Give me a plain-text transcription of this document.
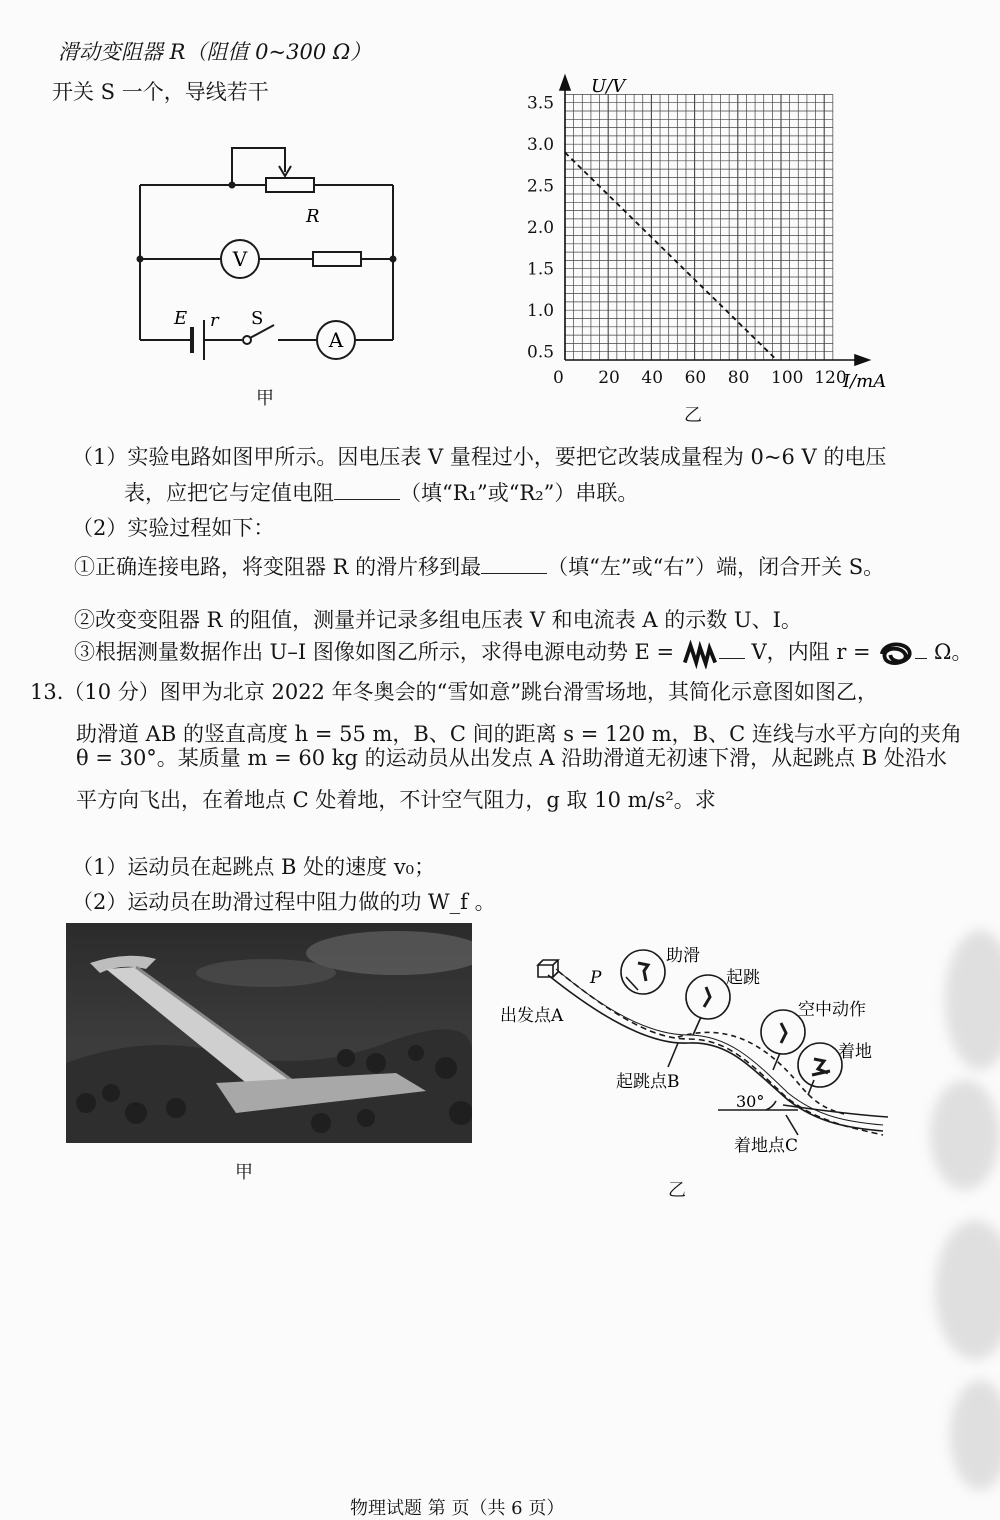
滑动变阻器 R（阻值 0~300 Ω）
开关 S 一个，导线若干
R
V
A
E r S
甲
0 20 40 60 80 100 120
0.5
1.0
1.5
2.0
2.5
3.0
3.5
U/V
I/mA
乙
（1）实验电路如图甲所示。因电压表 V 量程过小，要把它改装成量程为 0~6 V 的电压
表，应把它与定值电阻	（填“R₁”或“R₂”）串联。
（2）实验过程如下：
①正确连接电路，将变阻器 R 的滑片移到最	（填“左”或“右”）端，闭合开关 S。
②改变变阻器 R 的阻值，测量并记录多组电压表 V 和电流表 A 的示数 U、I。
③根据测量数据作出 U–I 图像如图乙所示，求得电源电动势 E =	V，内阻 r =	Ω。
13.（10 分）图甲为北京 2022 年冬奥会的“雪如意”跳台滑雪场地，其简化示意图如图乙，
助滑道 AB 的竖直高度 h = 55 m，B、C 间的距离 s = 120 m，B、C 连线与水平方向的夹角
θ = 30°。某质量 m = 60 kg 的运动员从出发点 A 沿助滑道无初速下滑，从起跳点 B 处沿水
平方向飞出，在着地点 C 处着地，不计空气阻力，g 取 10 m/s²。求
（1）运动员在起跳点 B 处的速度 v₀；
（2）运动员在助滑过程中阻力做的功 W_f 。
甲
出发点A
P
助滑
起跳
空中动作
着地
起跳点B
30°
着地点C
乙
物理试题 第 页（共 6 页）
